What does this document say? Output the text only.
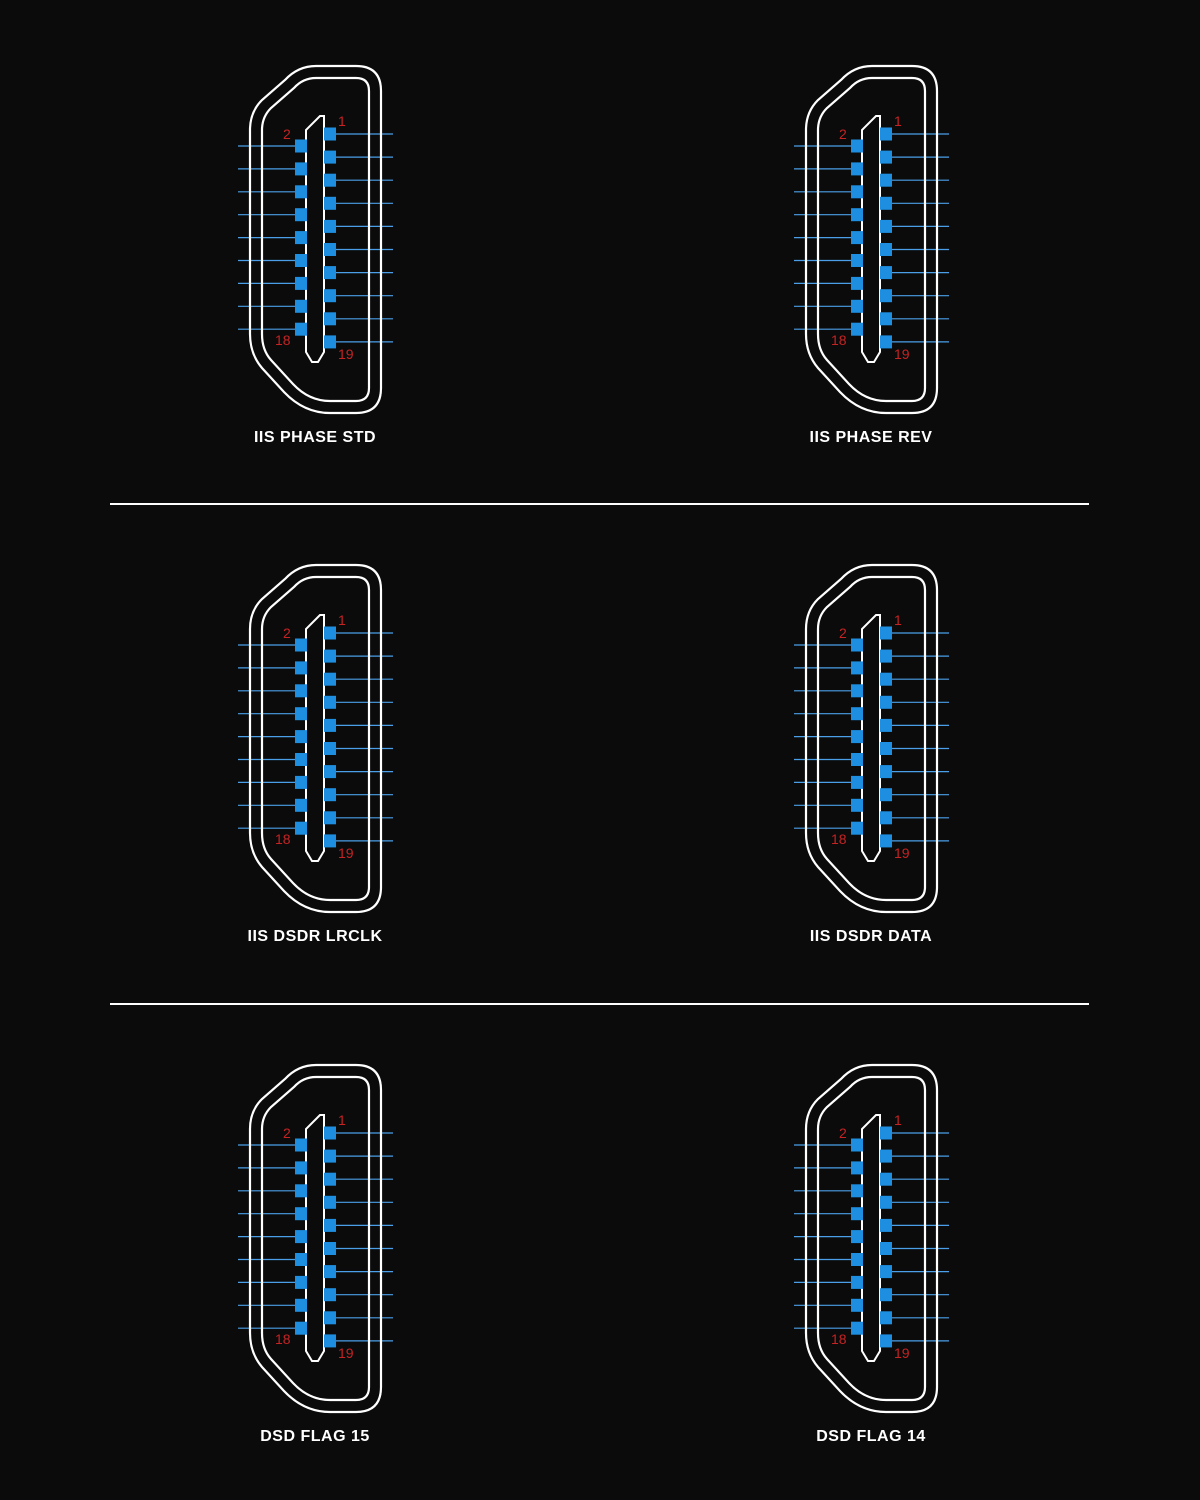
1
2
18
19
IIS PHASE STD
1
2
18
19
IIS PHASE REV
1
2
18
19
IIS DSDR LRCLK
1
2
18
19
IIS DSDR DATA
1
2
18
19
DSD FLAG 15
1
2
18
19
DSD FLAG 14
